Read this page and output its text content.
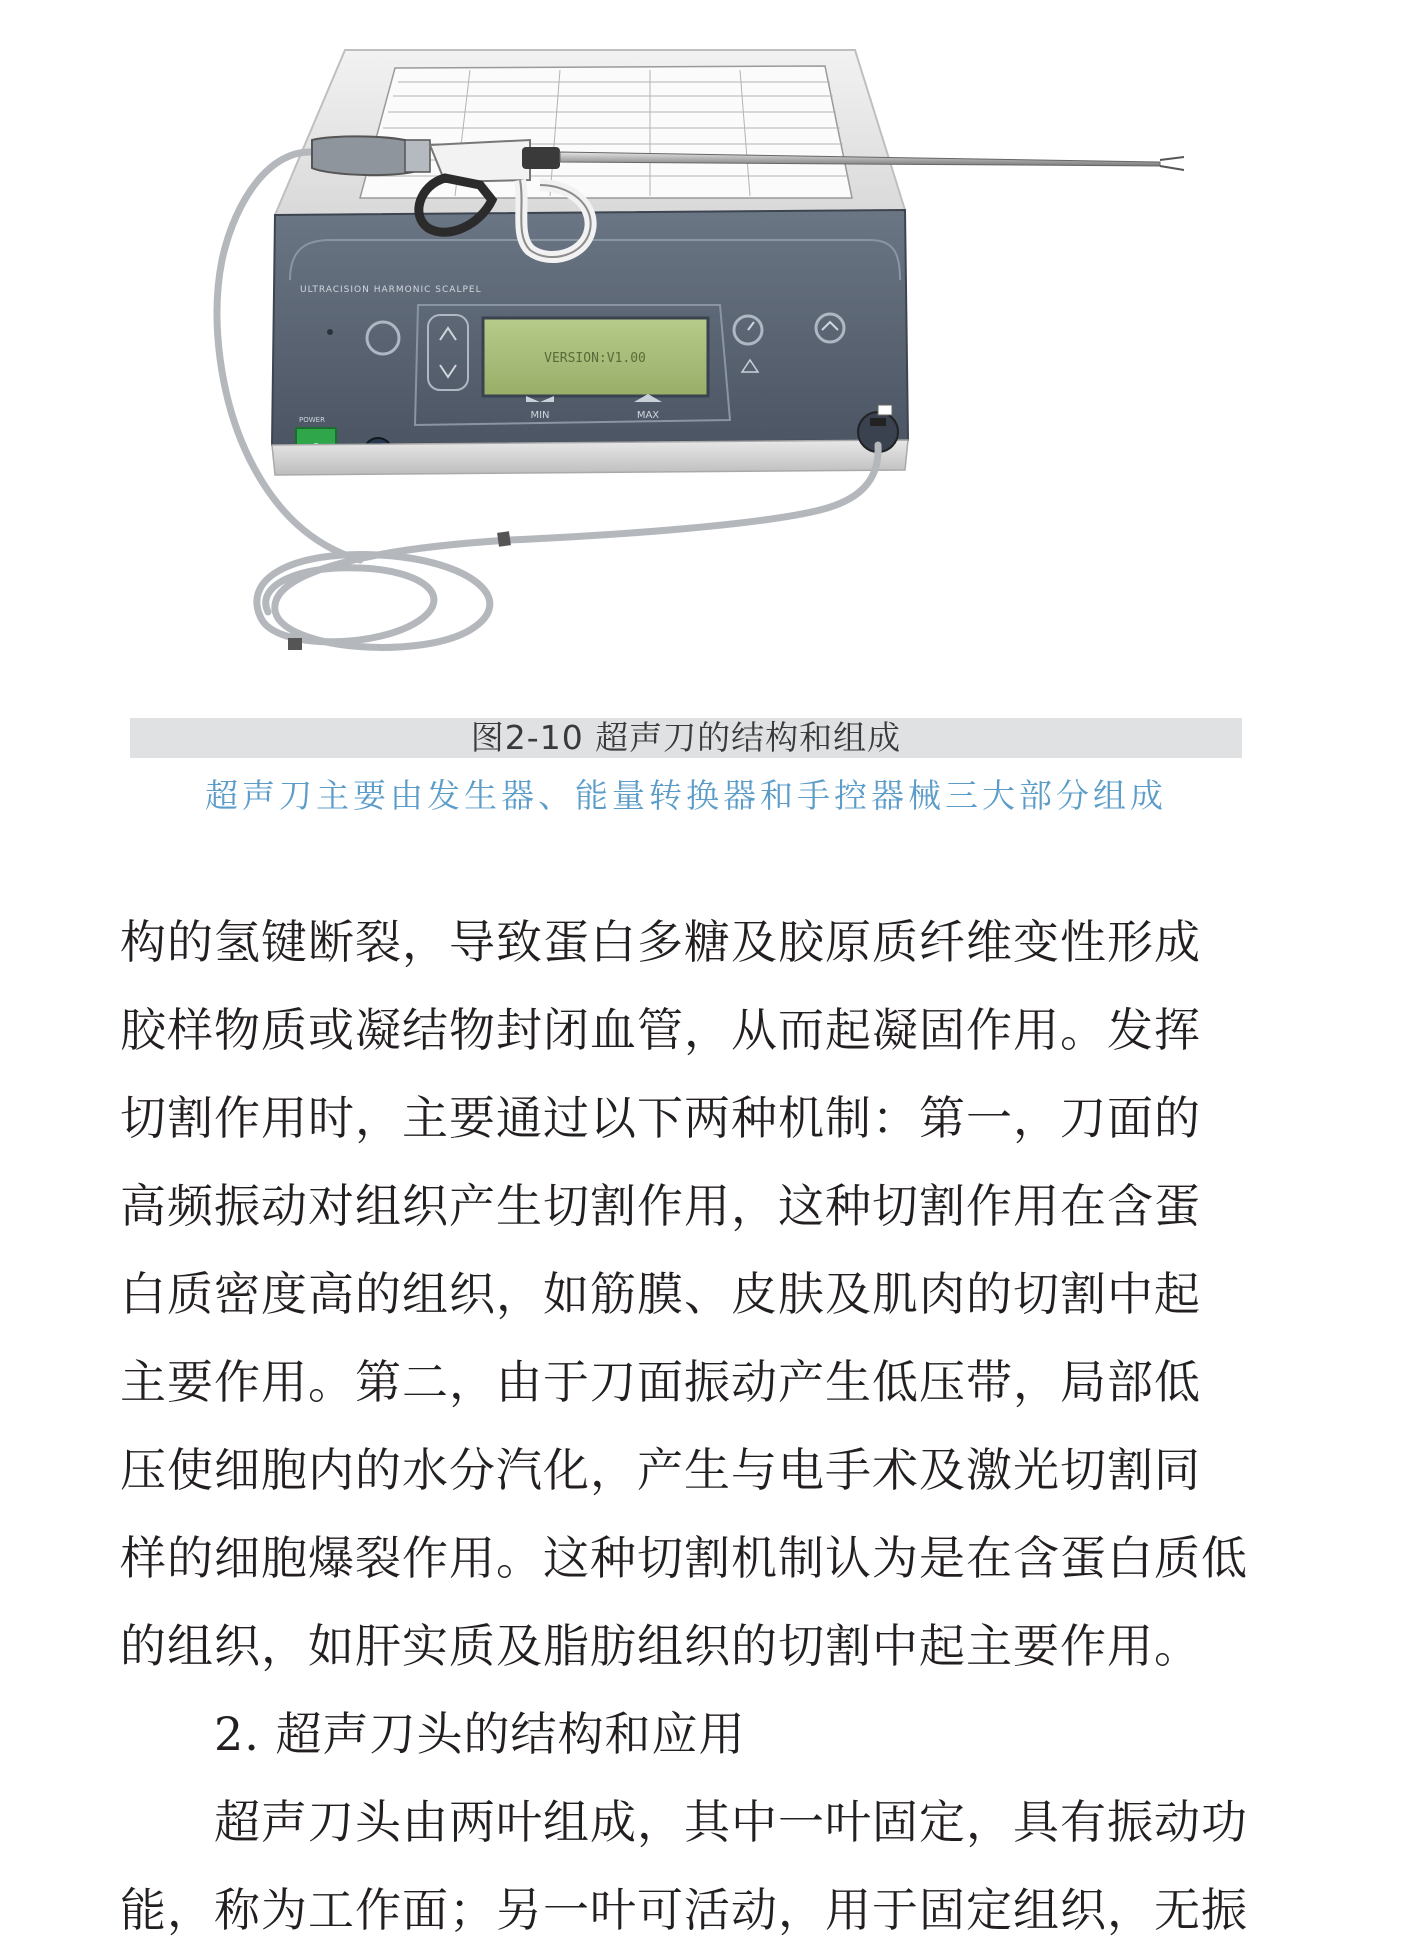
ULTRACISION HARMONIC SCALPEL
VERSION:V1.00
MIN	MAX
POWER
图2-10 超声刀的结构和组成
超声刀主要由发生器、能量转换器和手控器械三大部分组成
构的氢键断裂，导致蛋白多糖及胶原质纤维变性形成
胶样物质或凝结物封闭血管，从而起凝固作用。发挥
切割作用时，主要通过以下两种机制：第一，刀面的
高频振动对组织产生切割作用，这种切割作用在含蛋
白质密度高的组织，如筋膜、皮肤及肌肉的切割中起
主要作用。第二，由于刀面振动产生低压带，局部低
压使细胞内的水分汽化，产生与电手术及激光切割同
样的细胞爆裂作用。这种切割机制认为是在含蛋白质低
的组织，如肝实质及脂肪组织的切割中起主要作用。
2. 超声刀头的结构和应用
超声刀头由两叶组成，其中一叶固定，具有振动功
能，称为工作面；另一叶可活动，用于固定组织，无振
